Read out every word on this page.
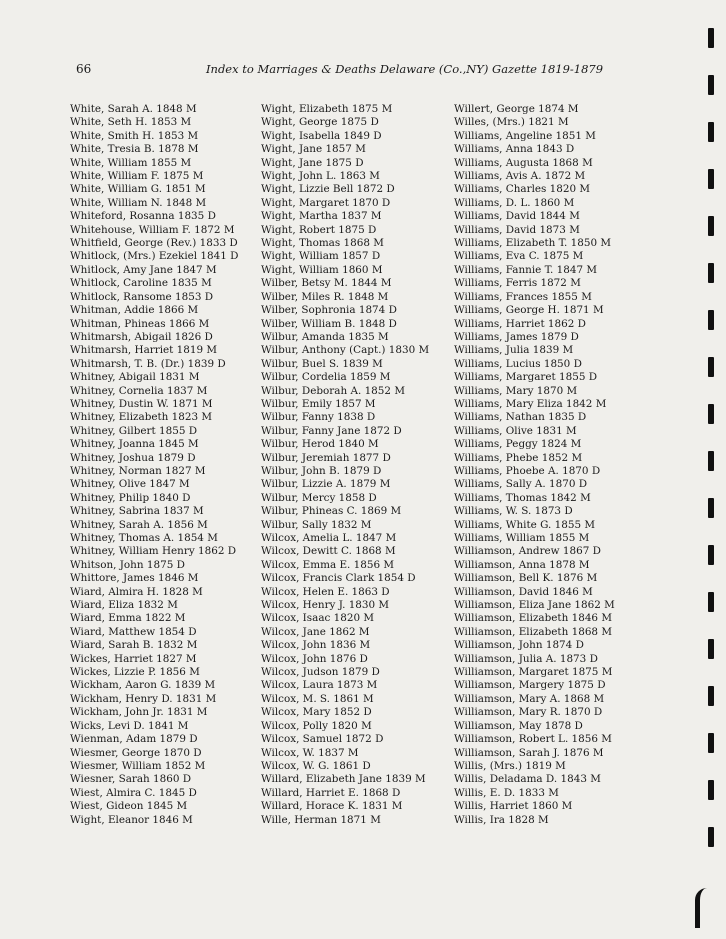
66	Index to Marriages & Deaths Delaware (Co.,NY) Gazette 1819-1879
White, Sarah A. 1848 M
White, Seth H. 1853 M
White, Smith H. 1853 M
White, Tresia B. 1878 M
White, William 1855 M
White, William F. 1875 M
White, William G. 1851 M
White, William N. 1848 M
Whiteford, Rosanna 1835 D
Whitehouse, William F. 1872 M
Whitfield, George (Rev.) 1833 D
Whitlock, (Mrs.) Ezekiel 1841 D
Whitlock, Amy Jane 1847 M
Whitlock, Caroline 1835 M
Whitlock, Ransome 1853 D
Whitman, Addie 1866 M
Whitman, Phineas 1866 M
Whitmarsh, Abigail 1826 D
Whitmarsh, Harriet 1819 M
Whitmarsh, T. B. (Dr.) 1839 D
Whitney, Abigail 1831 M
Whitney, Cornelia 1837 M
Whitney, Dustin W. 1871 M
Whitney, Elizabeth 1823 M
Whitney, Gilbert 1855 D
Whitney, Joanna 1845 M
Whitney, Joshua 1879 D
Whitney, Norman 1827 M
Whitney, Olive 1847 M
Whitney, Philip 1840 D
Whitney, Sabrina 1837 M
Whitney, Sarah A. 1856 M
Whitney, Thomas A. 1854 M
Whitney, William Henry 1862 D
Whitson, John 1875 D
Whittore, James 1846 M
Wiard, Almira H. 1828 M
Wiard, Eliza 1832 M
Wiard, Emma 1822 M
Wiard, Matthew 1854 D
Wiard, Sarah B. 1832 M
Wickes, Harriet 1827 M
Wickes, Lizzie P. 1856 M
Wickham, Aaron G. 1839 M
Wickham, Henry D. 1831 M
Wickham, John Jr. 1831 M
Wicks, Levi D. 1841 M
Wienman, Adam 1879 D
Wiesmer, George 1870 D
Wiesmer, William 1852 M
Wiesner, Sarah 1860 D
Wiest, Almira C. 1845 D
Wiest, Gideon 1845 M
Wight, Eleanor 1846 M
Wight, Elizabeth 1875 M
Wight, George 1875 D
Wight, Isabella 1849 D
Wight, Jane 1857 M
Wight, Jane 1875 D
Wight, John L. 1863 M
Wight, Lizzie Bell 1872 D
Wight, Margaret 1870 D
Wight, Martha 1837 M
Wight, Robert 1875 D
Wight, Thomas 1868 M
Wight, William 1857 D
Wight, William 1860 M
Wilber, Betsy M. 1844 M
Wilber, Miles R. 1848 M
Wilber, Sophronia 1874 D
Wilber, William B. 1848 D
Wilbur, Amanda 1835 M
Wilbur, Anthony (Capt.) 1830 M
Wilbur, Buel S. 1839 M
Wilbur, Cordelia 1859 M
Wilbur, Deborah A. 1852 M
Wilbur, Emily 1857 M
Wilbur, Fanny 1838 D
Wilbur, Fanny Jane 1872 D
Wilbur, Herod 1840 M
Wilbur, Jeremiah 1877 D
Wilbur, John B. 1879 D
Wilbur, Lizzie A. 1879 M
Wilbur, Mercy 1858 D
Wilbur, Phineas C. 1869 M
Wilbur, Sally 1832 M
Wilcox, Amelia L. 1847 M
Wilcox, Dewitt C. 1868 M
Wilcox, Emma E. 1856 M
Wilcox, Francis Clark 1854 D
Wilcox, Helen E. 1863 D
Wilcox, Henry J. 1830 M
Wilcox, Isaac 1820 M
Wilcox, Jane 1862 M
Wilcox, John 1836 M
Wilcox, John 1876 D
Wilcox, Judson 1879 D
Wilcox, Laura 1873 M
Wilcox, M. S. 1861 M
Wilcox, Mary 1852 D
Wilcox, Polly 1820 M
Wilcox, Samuel 1872 D
Wilcox, W. 1837 M
Wilcox, W. G. 1861 D
Willard, Elizabeth Jane 1839 M
Willard, Harriet E. 1868 D
Willard, Horace K. 1831 M
Wille, Herman 1871 M
Willert, George 1874 M
Willes, (Mrs.) 1821 M
Williams, Angeline 1851 M
Williams, Anna 1843 D
Williams, Augusta 1868 M
Williams, Avis A. 1872 M
Williams, Charles 1820 M
Williams, D. L. 1860 M
Williams, David 1844 M
Williams, David 1873 M
Williams, Elizabeth T. 1850 M
Williams, Eva C. 1875 M
Williams, Fannie T. 1847 M
Williams, Ferris 1872 M
Williams, Frances 1855 M
Williams, George H. 1871 M
Williams, Harriet 1862 D
Williams, James 1879 D
Williams, Julia 1839 M
Williams, Lucius 1850 D
Williams, Margaret 1855 D
Williams, Mary 1870 M
Williams, Mary Eliza 1842 M
Williams, Nathan 1835 D
Williams, Olive 1831 M
Williams, Peggy 1824 M
Williams, Phebe 1852 M
Williams, Phoebe A. 1870 D
Williams, Sally A. 1870 D
Williams, Thomas 1842 M
Williams, W. S. 1873 D
Williams, White G. 1855 M
Williams, William 1855 M
Williamson, Andrew 1867 D
Williamson, Anna 1878 M
Williamson, Bell K. 1876 M
Williamson, David 1846 M
Williamson, Eliza Jane 1862 M
Williamson, Elizabeth 1846 M
Williamson, Elizabeth 1868 M
Williamson, John 1874 D
Williamson, Julia A. 1873 D
Williamson, Margaret 1875 M
Williamson, Margery 1875 D
Williamson, Mary A. 1868 M
Williamson, Mary R. 1870 D
Williamson, May 1878 D
Williamson, Robert L. 1856 M
Williamson, Sarah J. 1876 M
Willis, (Mrs.) 1819 M
Willis, Deladama D. 1843 M
Willis, E. D. 1833 M
Willis, Harriet 1860 M
Willis, Ira 1828 M
